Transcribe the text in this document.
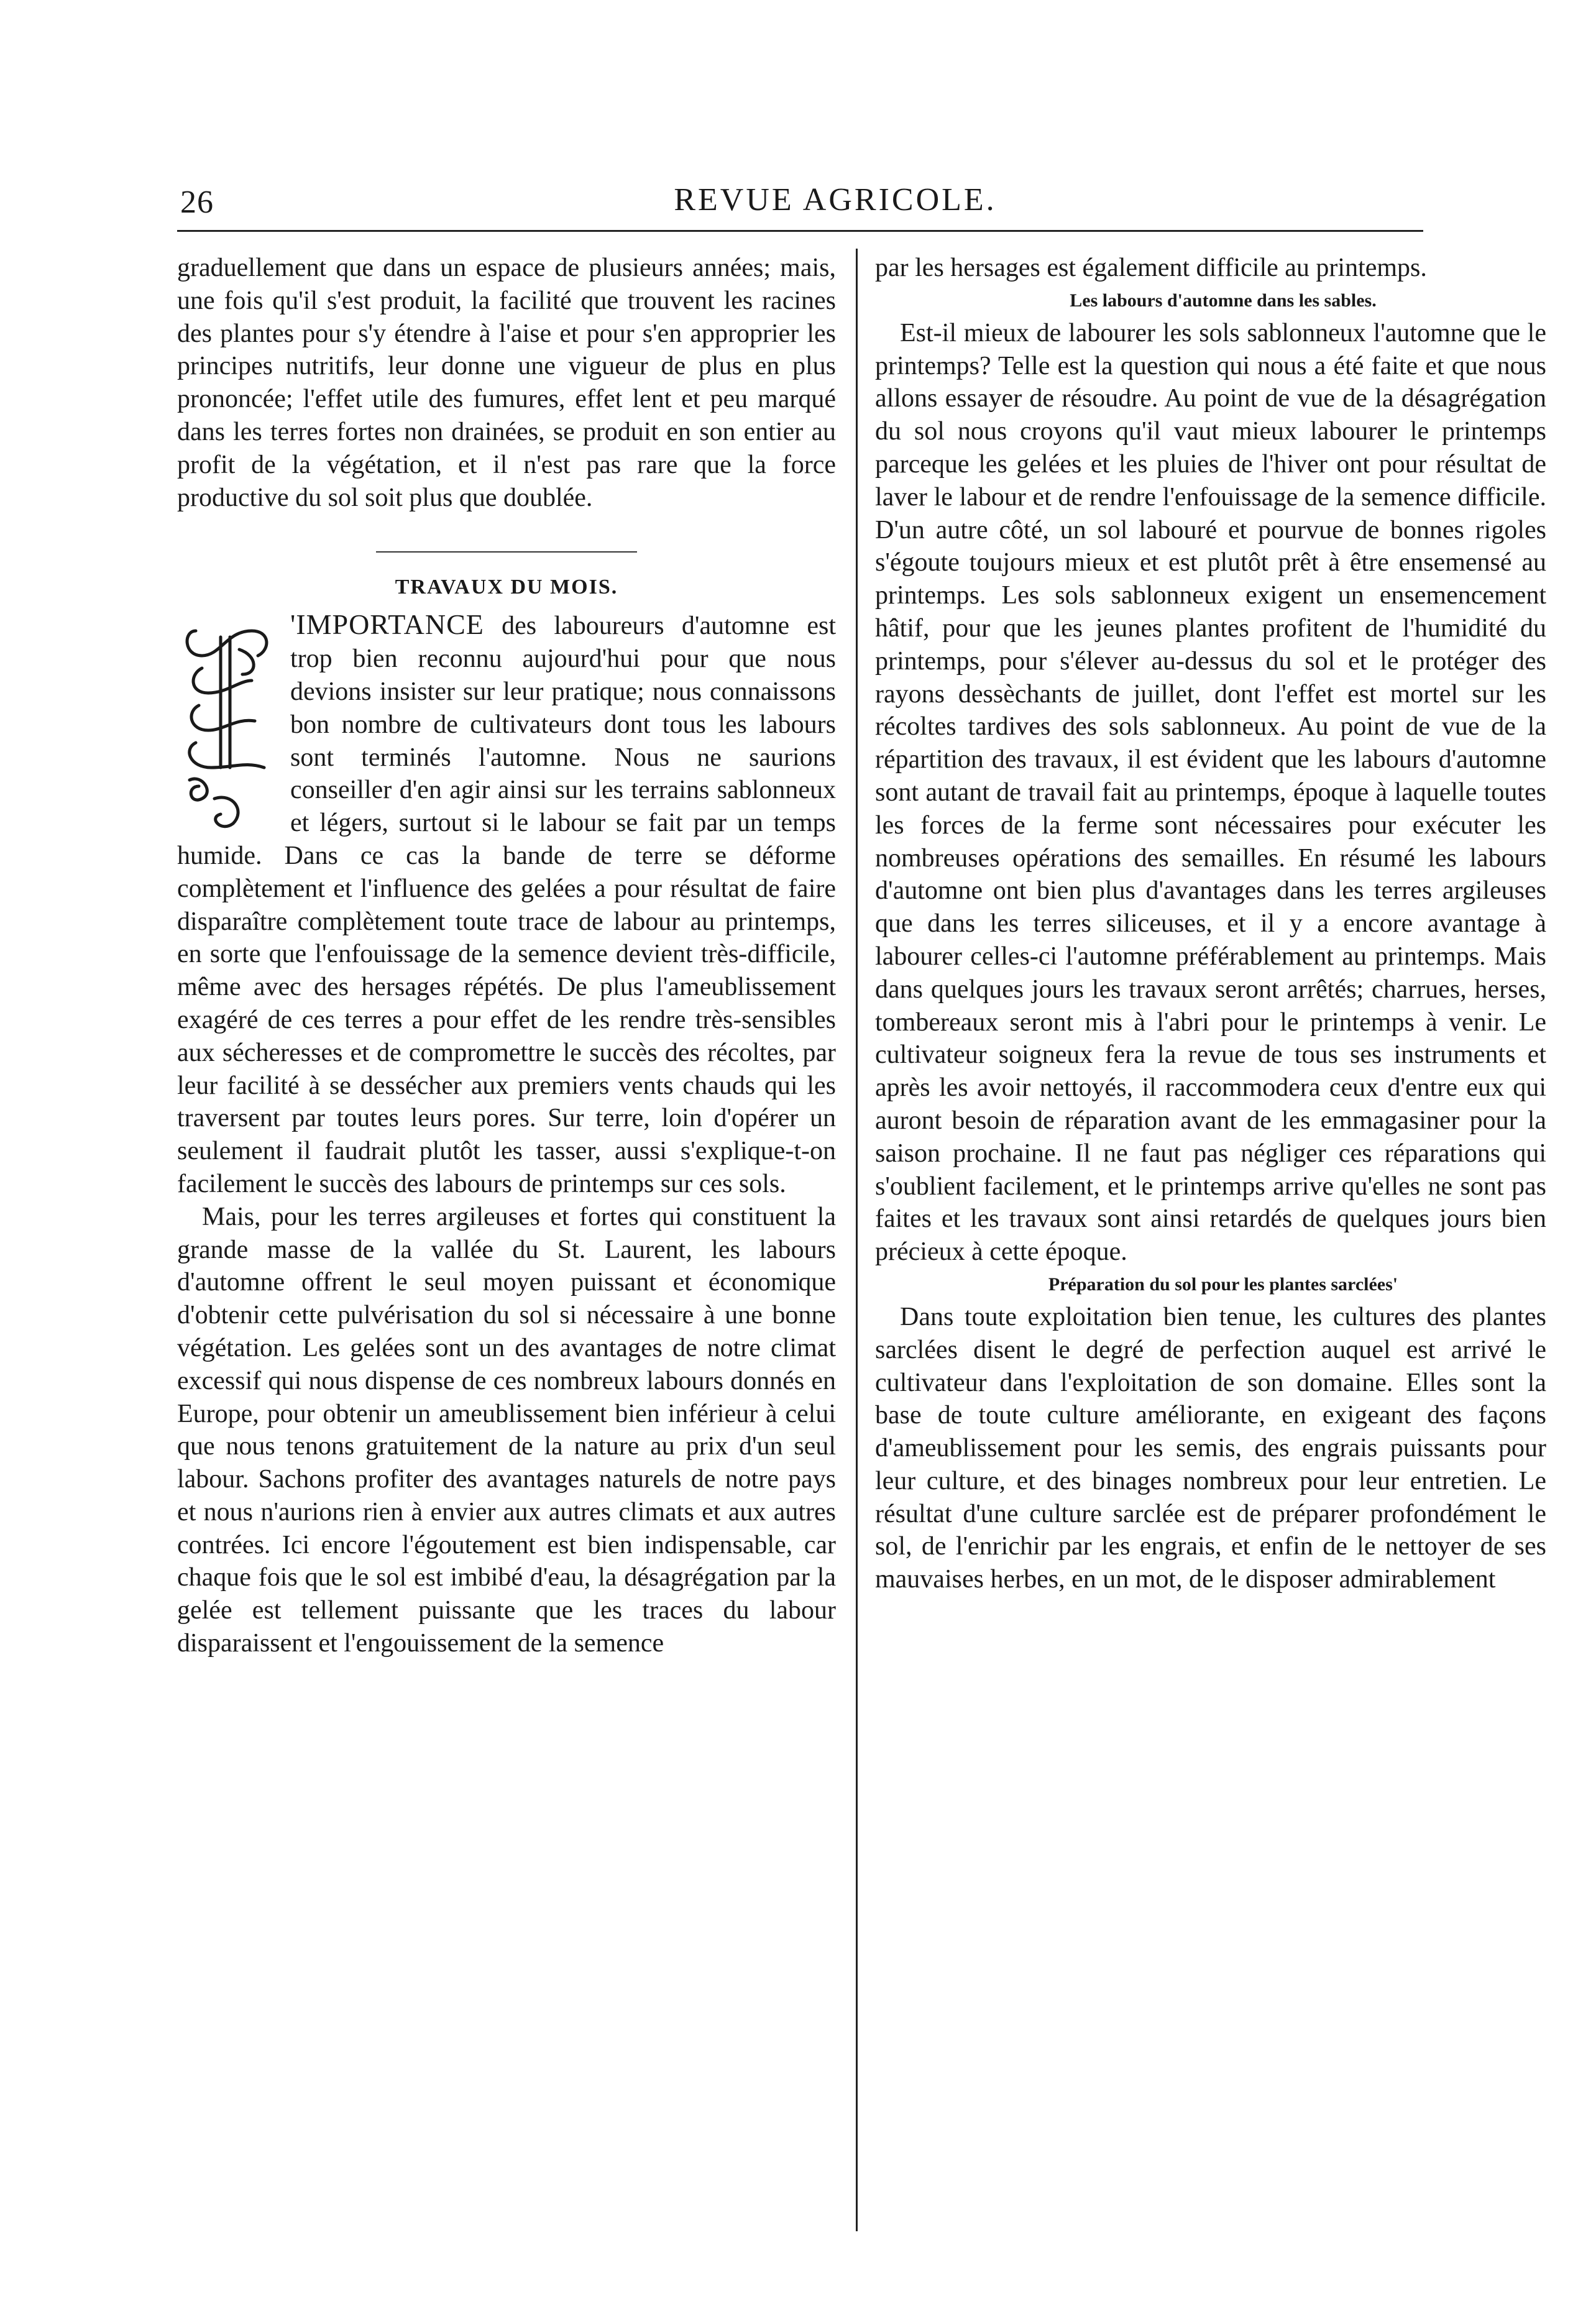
26	REVUE AGRICOLE.

graduellement que dans un espace de plusieurs années; mais, une fois qu'il s'est produit, la facilité que trouvent les racines des plantes pour s'y étendre à l'aise et pour s'en approprier les principes nutritifs, leur donne une vigueur de plus en plus prononcée; l'effet utile des fumures, effet lent et peu marqué dans les terres fortes non drainées, se produit en son entier au profit de la végétation, et il n'est pas rare que la force productive du sol soit plus que doublée.

TRAVAUX DU MOIS.

'IMPORTANCE des laboureurs d'automne est trop bien reconnu aujourd'hui pour que nous devions insister sur leur pratique; nous connaissons bon nombre de cultivateurs dont tous les labours sont terminés l'automne. Nous ne saurions conseiller d'en agir ainsi sur les terrains sablonneux et légers, surtout si le labour se fait par un temps humide. Dans ce cas la bande de terre se déforme complètement et l'influence des gelées a pour résultat de faire disparaître complètement toute trace de labour au printemps, en sorte que l'enfouissage de la semence devient très-difficile, même avec des hersages répétés. De plus l'ameublissement exagéré de ces terres a pour effet de les rendre très-sensibles aux sécheresses et de compromettre le succès des récoltes, par leur facilité à se dessécher aux premiers vents chauds qui les traversent par toutes leurs pores. Sur terre, loin d'opérer un seulement il faudrait plutôt les tasser, aussi s'explique-t-on facilement le succès des labours de printemps sur ces sols.

Mais, pour les terres argileuses et fortes qui constituent la grande masse de la vallée du St. Laurent, les labours d'automne offrent le seul moyen puissant et économique d'obtenir cette pulvérisation du sol si nécessaire à une bonne végétation. Les gelées sont un des avantages de notre climat excessif qui nous dispense de ces nombreux labours donnés en Europe, pour obtenir un ameublissement bien inférieur à celui que nous tenons gratuitement de la nature au prix d'un seul labour. Sachons profiter des avantages naturels de notre pays et nous n'aurions rien à envier aux autres climats et aux autres contrées. Ici encore l'égoutement est bien indispensable, car chaque fois que le sol est imbibé d'eau, la désagrégation par la gelée est tellement puissante que les traces du labour disparaissent et l'engouissement de la semence

par les hersages est également difficile au printemps.

Les labours d'automne dans les sables.

Est-il mieux de labourer les sols sablonneux l'automne que le printemps? Telle est la question qui nous a été faite et que nous allons essayer de résoudre. Au point de vue de la désagrégation du sol nous croyons qu'il vaut mieux labourer le printemps parceque les gelées et les pluies de l'hiver ont pour résultat de laver le labour et de rendre l'enfouissage de la semence difficile. D'un autre côté, un sol labouré et pourvue de bonnes rigoles s'égoute toujours mieux et est plutôt prêt à être ensemensé au printemps. Les sols sablonneux exigent un ensemencement hâtif, pour que les jeunes plantes profitent de l'humidité du printemps, pour s'élever au-dessus du sol et le protéger des rayons dessèchants de juillet, dont l'effet est mortel sur les récoltes tardives des sols sablonneux. Au point de vue de la répartition des travaux, il est évident que les labours d'automne sont autant de travail fait au printemps, époque à laquelle toutes les forces de la ferme sont nécessaires pour exécuter les nombreuses opérations des semailles. En résumé les labours d'automne ont bien plus d'avantages dans les terres argileuses que dans les terres siliceuses, et il y a encore avantage à labourer celles-ci l'automne préférablement au printemps. Mais dans quelques jours les travaux seront arrêtés; charrues, herses, tombereaux seront mis à l'abri pour le printemps à venir. Le cultivateur soigneux fera la revue de tous ses instruments et après les avoir nettoyés, il raccommodera ceux d'entre eux qui auront besoin de réparation avant de les emmagasiner pour la saison prochaine. Il ne faut pas négliger ces réparations qui s'oublient facilement, et le printemps arrive qu'elles ne sont pas faites et les travaux sont ainsi retardés de quelques jours bien précieux à cette époque.

Préparation du sol pour les plantes sarclées'

Dans toute exploitation bien tenue, les cultures des plantes sarclées disent le degré de perfection auquel est arrivé le cultivateur dans l'exploitation de son domaine. Elles sont la base de toute culture améliorante, en exigeant des façons d'ameublissement pour les semis, des engrais puissants pour leur culture, et des binages nombreux pour leur entretien. Le résultat d'une culture sarclée est de préparer profondément le sol, de l'enrichir par les engrais, et enfin de le nettoyer de ses mauvaises herbes, en un mot, de le disposer admirablement
